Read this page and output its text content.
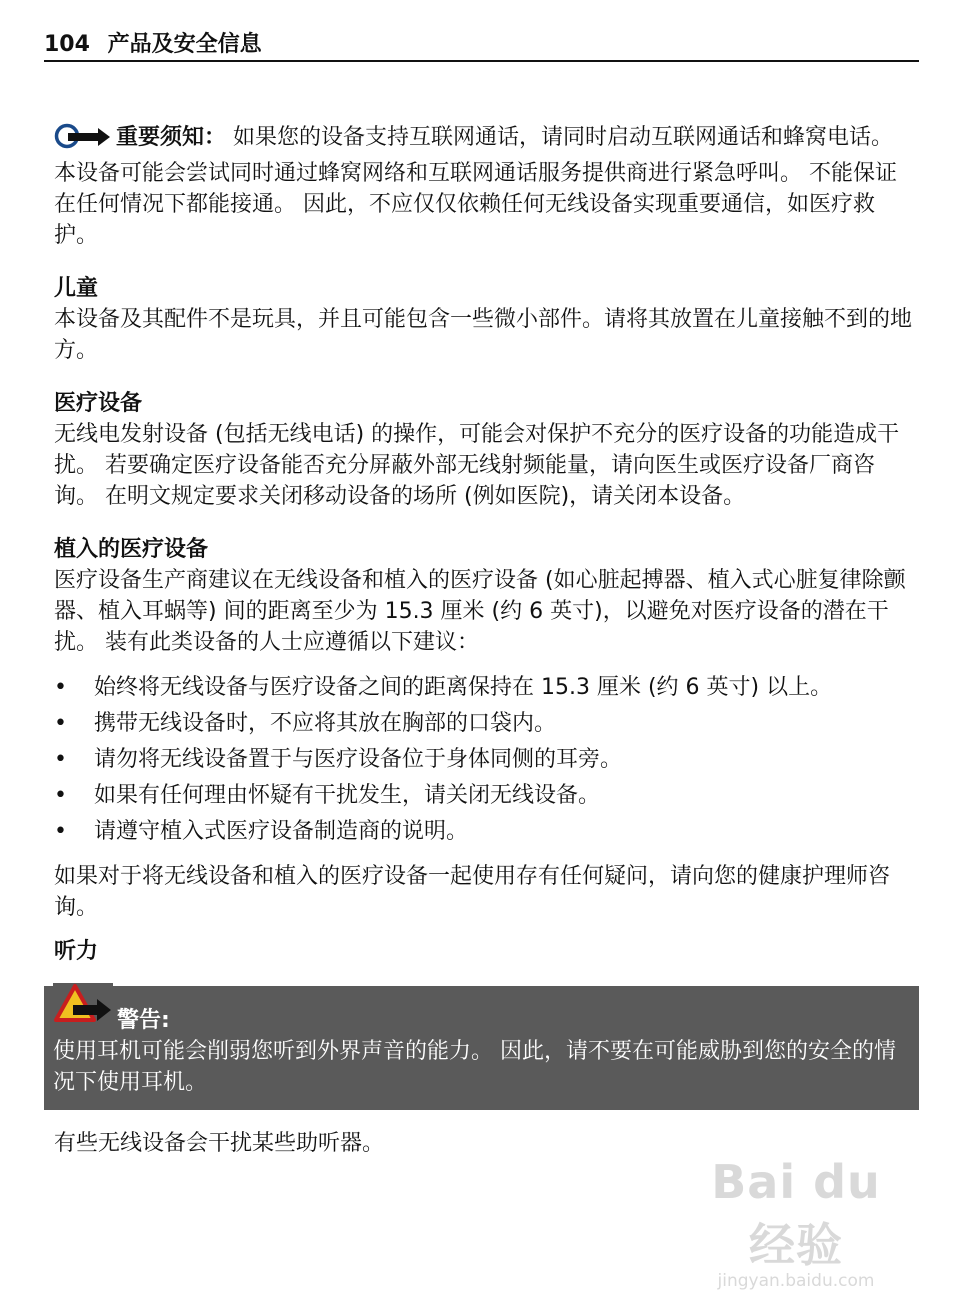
104 产品及安全信息

重要须知： 如果您的设备支持互联网通话，请同时启动互联网通话和蜂窝电话。 本设备可能会尝试同时通过蜂窝网络和互联网通话服务提供商进行紧急呼叫。 不能保证在任何情况下都能接通。 因此，不应仅仅依赖任何无线设备实现重要通信，如医疗救护。

儿童

本设备及其配件不是玩具，并且可能包含一些微小部件。请将其放置在儿童接触不到的地方。

医疗设备

无线电发射设备 (包括无线电话) 的操作，可能会对保护不充分的医疗设备的功能造成干扰。 若要确定医疗设备能否充分屏蔽外部无线射频能量，请向医生或医疗设备厂商咨询。 在明文规定要求关闭移动设备的场所 (例如医院)，请关闭本设备。

植入的医疗设备

医疗设备生产商建议在无线设备和植入的医疗设备 (如心脏起搏器、植入式心脏复律除颤器、植入耳蜗等) 间的距离至少为 15.3 厘米 (约 6 英寸)，以避免对医疗设备的潜在干扰。 装有此类设备的人士应遵循以下建议：

• 始终将无线设备与医疗设备之间的距离保持在 15.3 厘米 (约 6 英寸) 以上。
• 携带无线设备时，不应将其放在胸部的口袋内。
• 请勿将无线设备置于与医疗设备位于身体同侧的耳旁。
• 如果有任何理由怀疑有干扰发生，请关闭无线设备。
• 请遵守植入式医疗设备制造商的说明。

如果对于将无线设备和植入的医疗设备一起使用存有任何疑问，请向您的健康护理师咨询。

听力

警告:

使用耳机可能会削弱您听到外界声音的能力。 因此，请不要在可能威胁到您的安全的情况下使用耳机。

有些无线设备会干扰某些助听器。

Bai du 经验
jingyan.baidu.com
